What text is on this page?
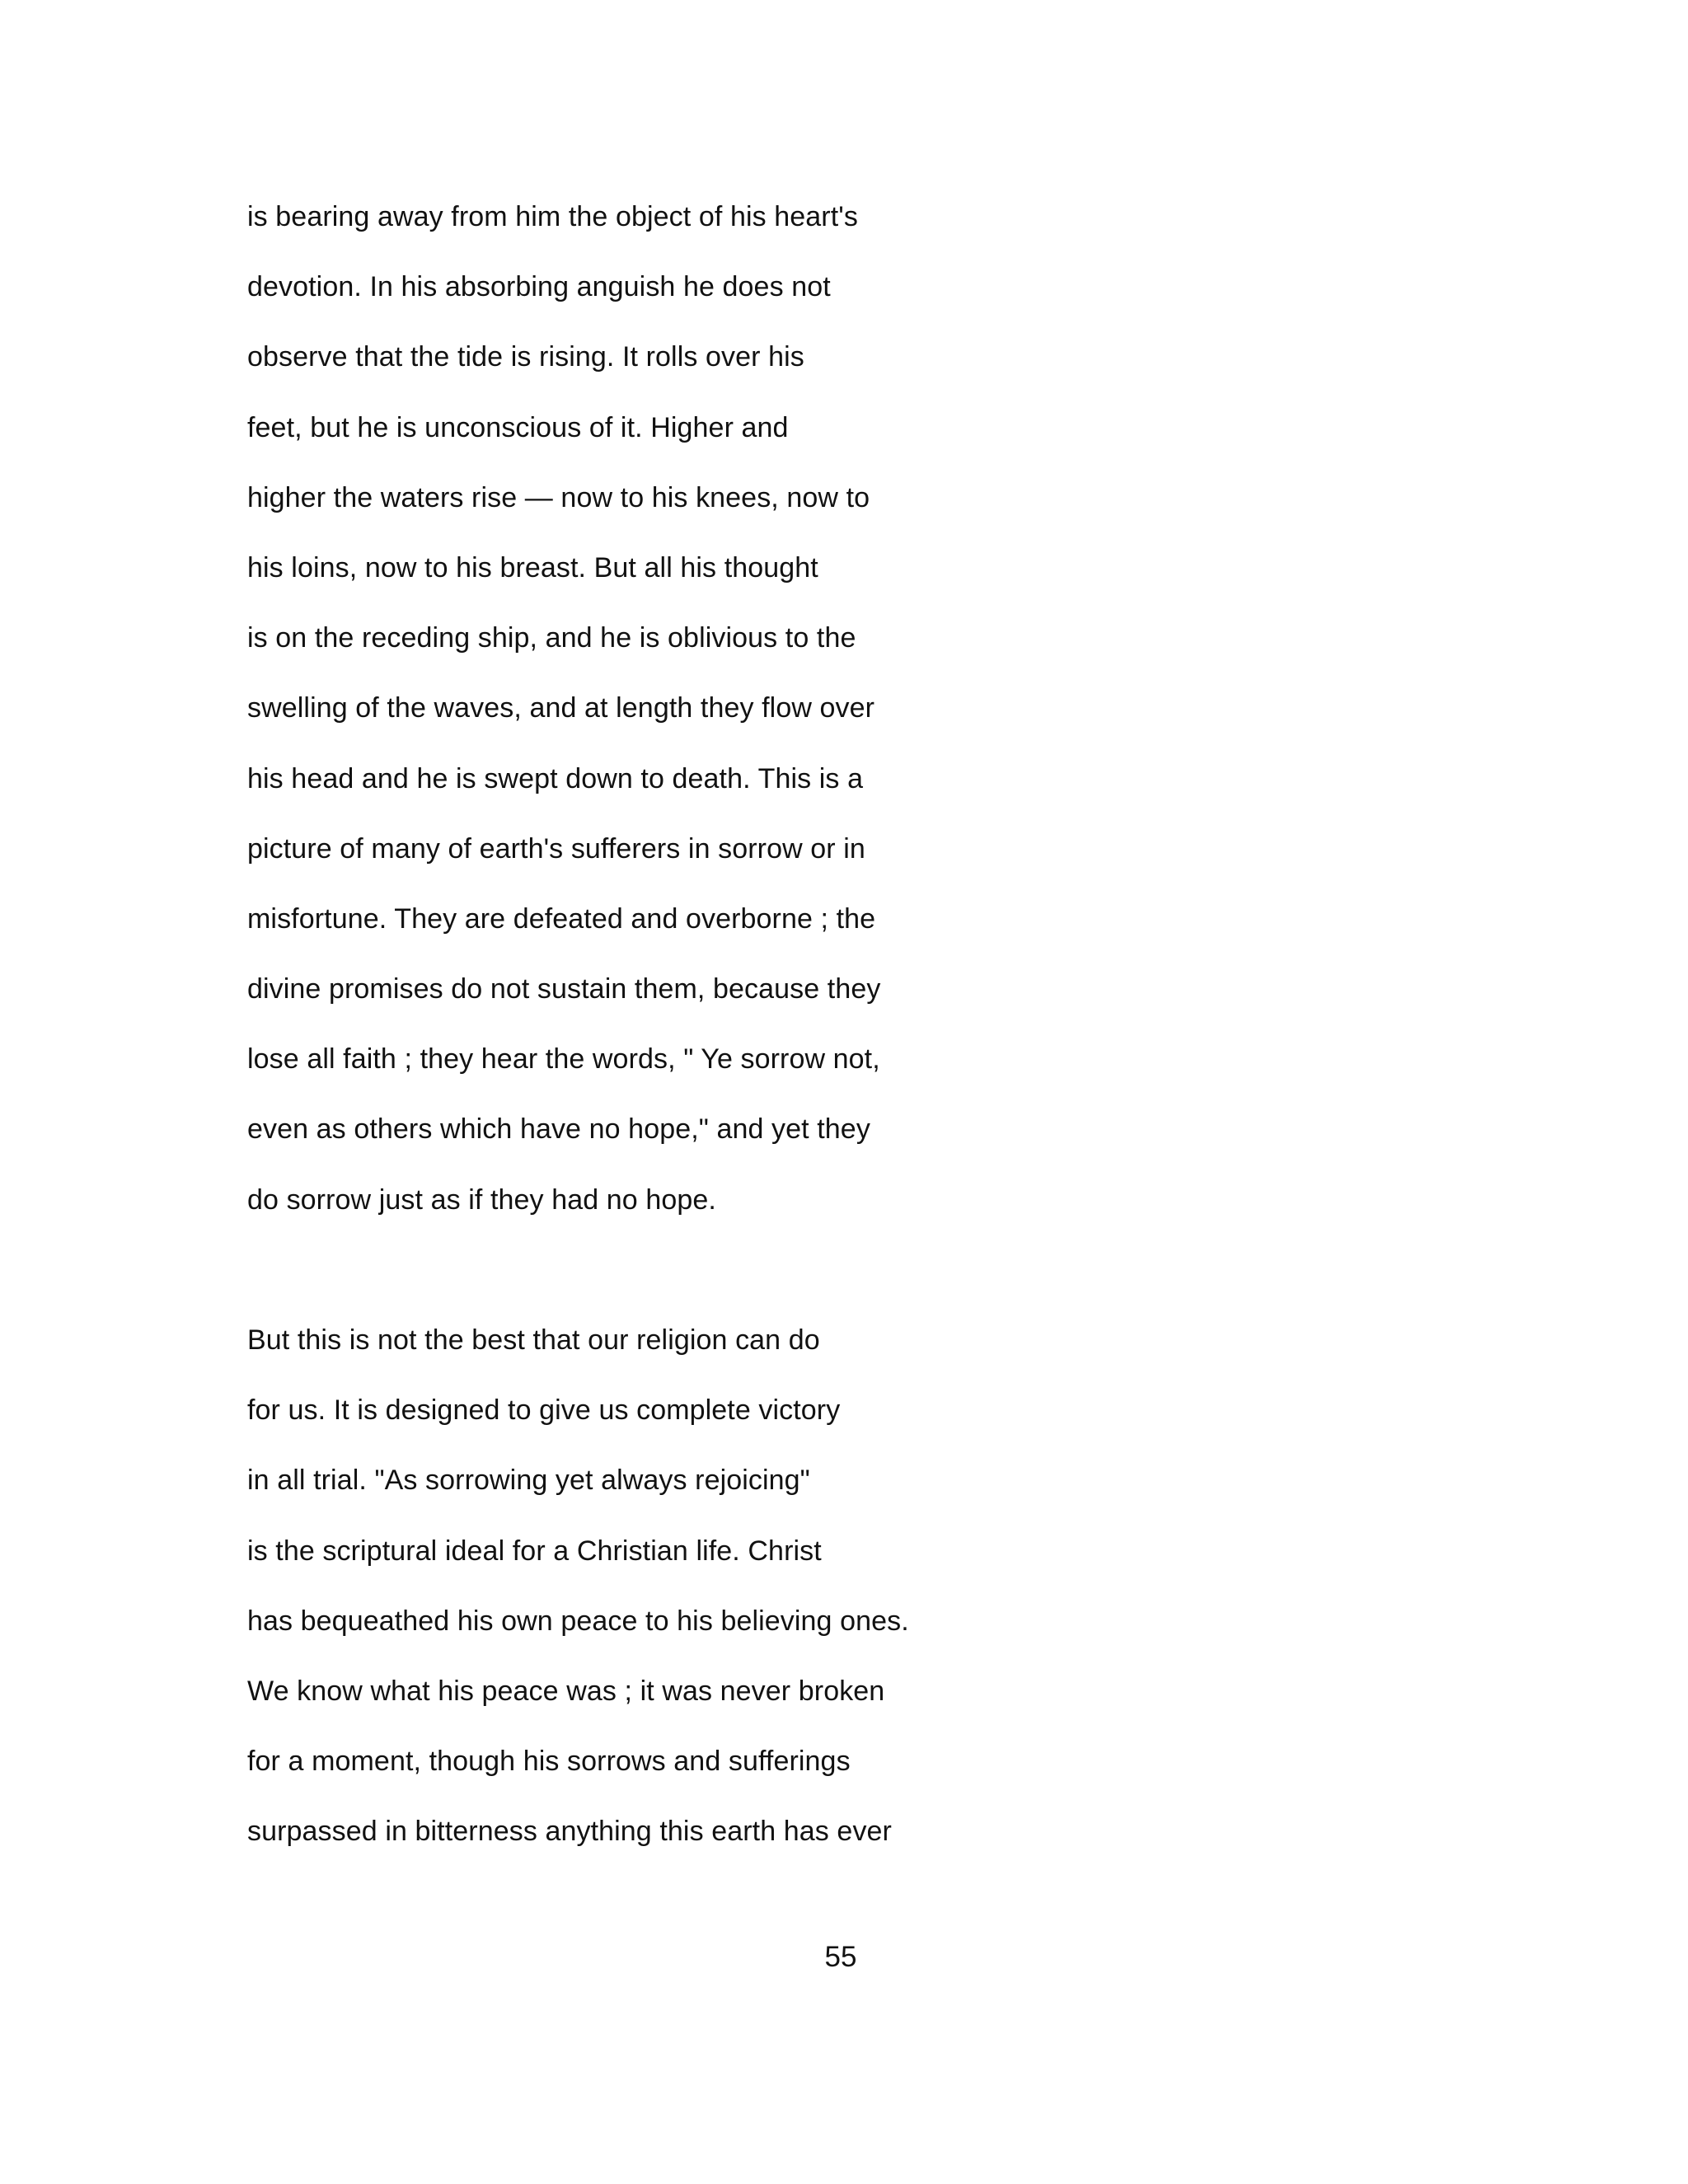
is bearing away from him the object of his heart's
devotion. In his absorbing anguish he does not
observe that the tide is rising. It rolls over his
feet, but he is unconscious of it. Higher and
higher the waters rise — now to his knees, now to
his loins, now to his breast. But all his thought
is on the receding ship, and he is oblivious to the
swelling of the waves, and at length they flow over
his head and he is swept down to death. This is a
picture of many of earth's sufferers in sorrow or in
misfortune. They are defeated and overborne ; the
divine promises do not sustain them, because they
lose all faith ; they hear the words, " Ye sorrow not,
even as others which have no hope," and yet they
do sorrow just as if they had no hope.
But this is not the best that our religion can do
for us. It is designed to give us complete victory
in all trial. "As sorrowing yet always rejoicing"
is the scriptural ideal for a Christian life. Christ
has bequeathed his own peace to his believing ones.
We know what his peace was ; it was never broken
for a moment, though his sorrows and sufferings
surpassed in bitterness anything this earth has ever
55
